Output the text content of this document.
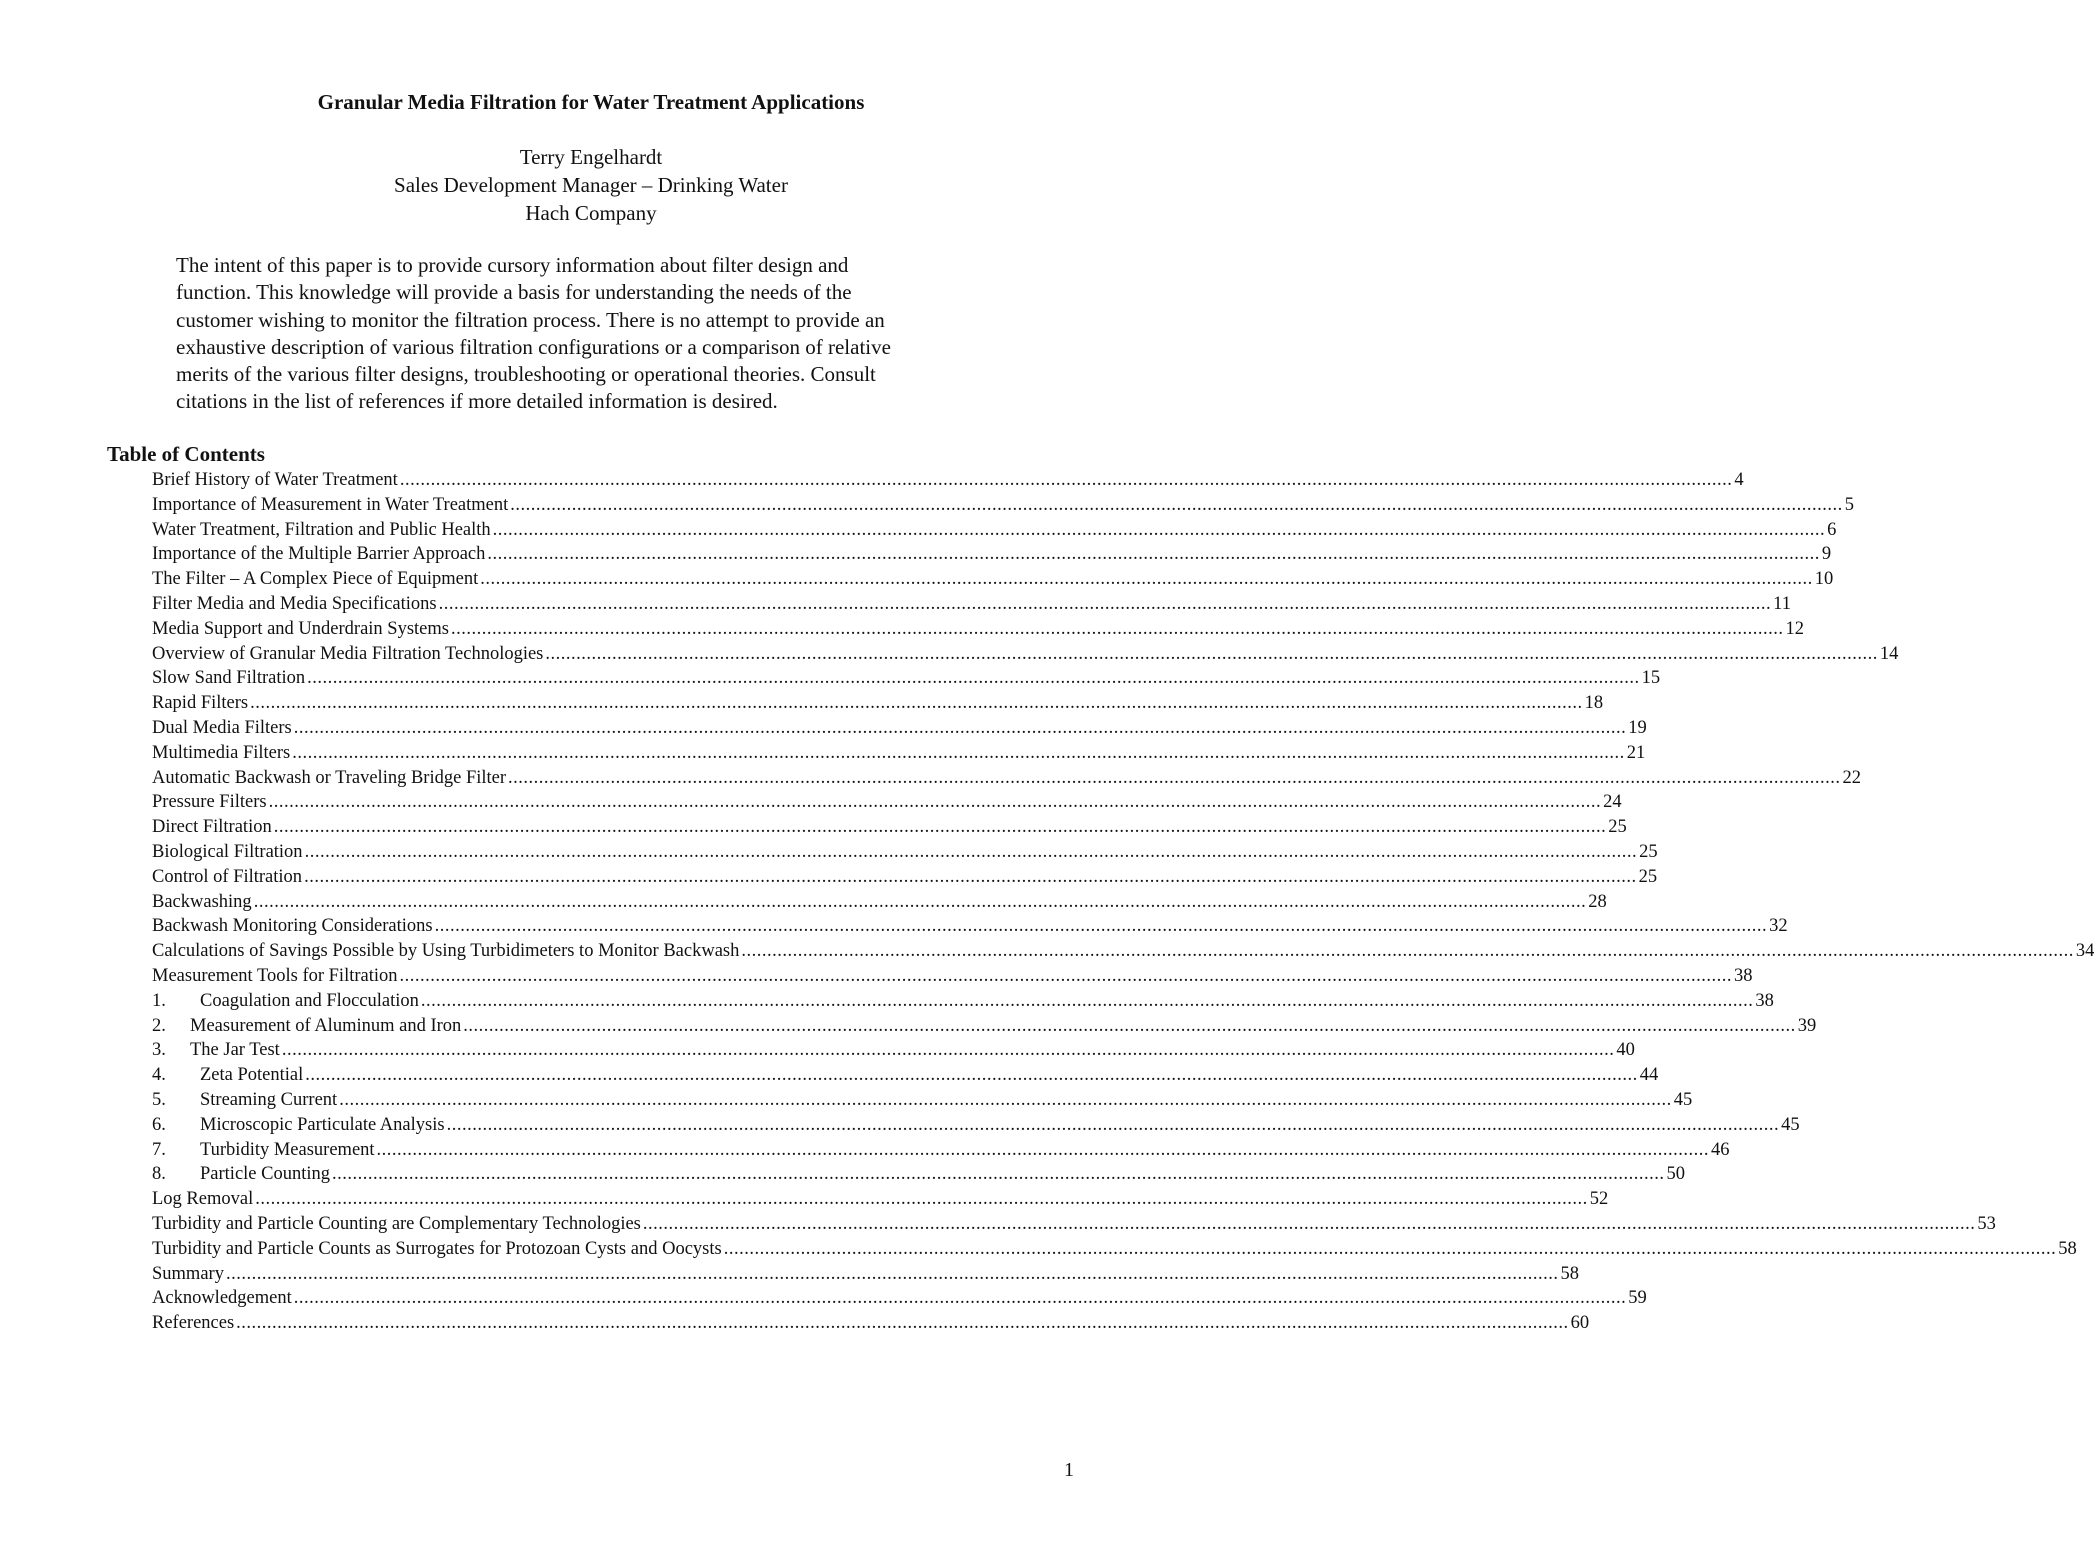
Granular Media Filtration for Water Treatment Applications
Terry Engelhardt
Sales Development Manager – Drinking Water
Hach Company
The intent of this paper is to provide cursory information about filter design and
function. This knowledge will provide a basis for understanding the needs of the
customer wishing to monitor the filtration process. There is no attempt to provide an
exhaustive description of various filtration configurations or a comparison of relative
merits of the various filter designs, troubleshooting or operational theories. Consult
citations in the list of references if more detailed information is desired.
Table of Contents
Brief History of Water Treatment .................................................................................................................................................................................................................................................................... 4
Importance of Measurement in Water Treatment .................................................................................................................................................................................................................................................................... 5
Water Treatment, Filtration and Public Health .................................................................................................................................................................................................................................................................... 6
Importance of the Multiple Barrier Approach .................................................................................................................................................................................................................................................................... 9
The Filter – A Complex Piece of Equipment .................................................................................................................................................................................................................................................................... 10
Filter Media and Media Specifications .................................................................................................................................................................................................................................................................... 11
Media Support and Underdrain Systems .................................................................................................................................................................................................................................................................... 12
Overview of Granular Media Filtration Technologies .................................................................................................................................................................................................................................................................... 14
Slow Sand Filtration .................................................................................................................................................................................................................................................................... 15
Rapid Filters .................................................................................................................................................................................................................................................................... 18
Dual Media Filters .................................................................................................................................................................................................................................................................... 19
Multimedia Filters .................................................................................................................................................................................................................................................................... 21
Automatic Backwash or Traveling Bridge Filter .................................................................................................................................................................................................................................................................... 22
Pressure Filters .................................................................................................................................................................................................................................................................... 24
Direct Filtration .................................................................................................................................................................................................................................................................... 25
Biological Filtration .................................................................................................................................................................................................................................................................... 25
Control of Filtration .................................................................................................................................................................................................................................................................... 25
Backwashing .................................................................................................................................................................................................................................................................... 28
Backwash Monitoring Considerations .................................................................................................................................................................................................................................................................... 32
Calculations of Savings Possible by Using Turbidimeters to Monitor Backwash .................................................................................................................................................................................................................................................................... 34
Measurement Tools for Filtration .................................................................................................................................................................................................................................................................... 38
1.	Coagulation and Flocculation .................................................................................................................................................................................................................................................................... 38
2.	Measurement of Aluminum and Iron .................................................................................................................................................................................................................................................................... 39
3.	The Jar Test .................................................................................................................................................................................................................................................................... 40
4.	Zeta Potential .................................................................................................................................................................................................................................................................... 44
5.	Streaming Current .................................................................................................................................................................................................................................................................... 45
6.	Microscopic Particulate Analysis .................................................................................................................................................................................................................................................................... 45
7.	Turbidity Measurement .................................................................................................................................................................................................................................................................... 46
8.	Particle Counting .................................................................................................................................................................................................................................................................... 50
Log Removal .................................................................................................................................................................................................................................................................... 52
Turbidity and Particle Counting are Complementary Technologies .................................................................................................................................................................................................................................................................... 53
Turbidity and Particle Counts as Surrogates for Protozoan Cysts and Oocysts .................................................................................................................................................................................................................................................................... 58
Summary .................................................................................................................................................................................................................................................................... 58
Acknowledgement .................................................................................................................................................................................................................................................................... 59
References .................................................................................................................................................................................................................................................................... 60
1
